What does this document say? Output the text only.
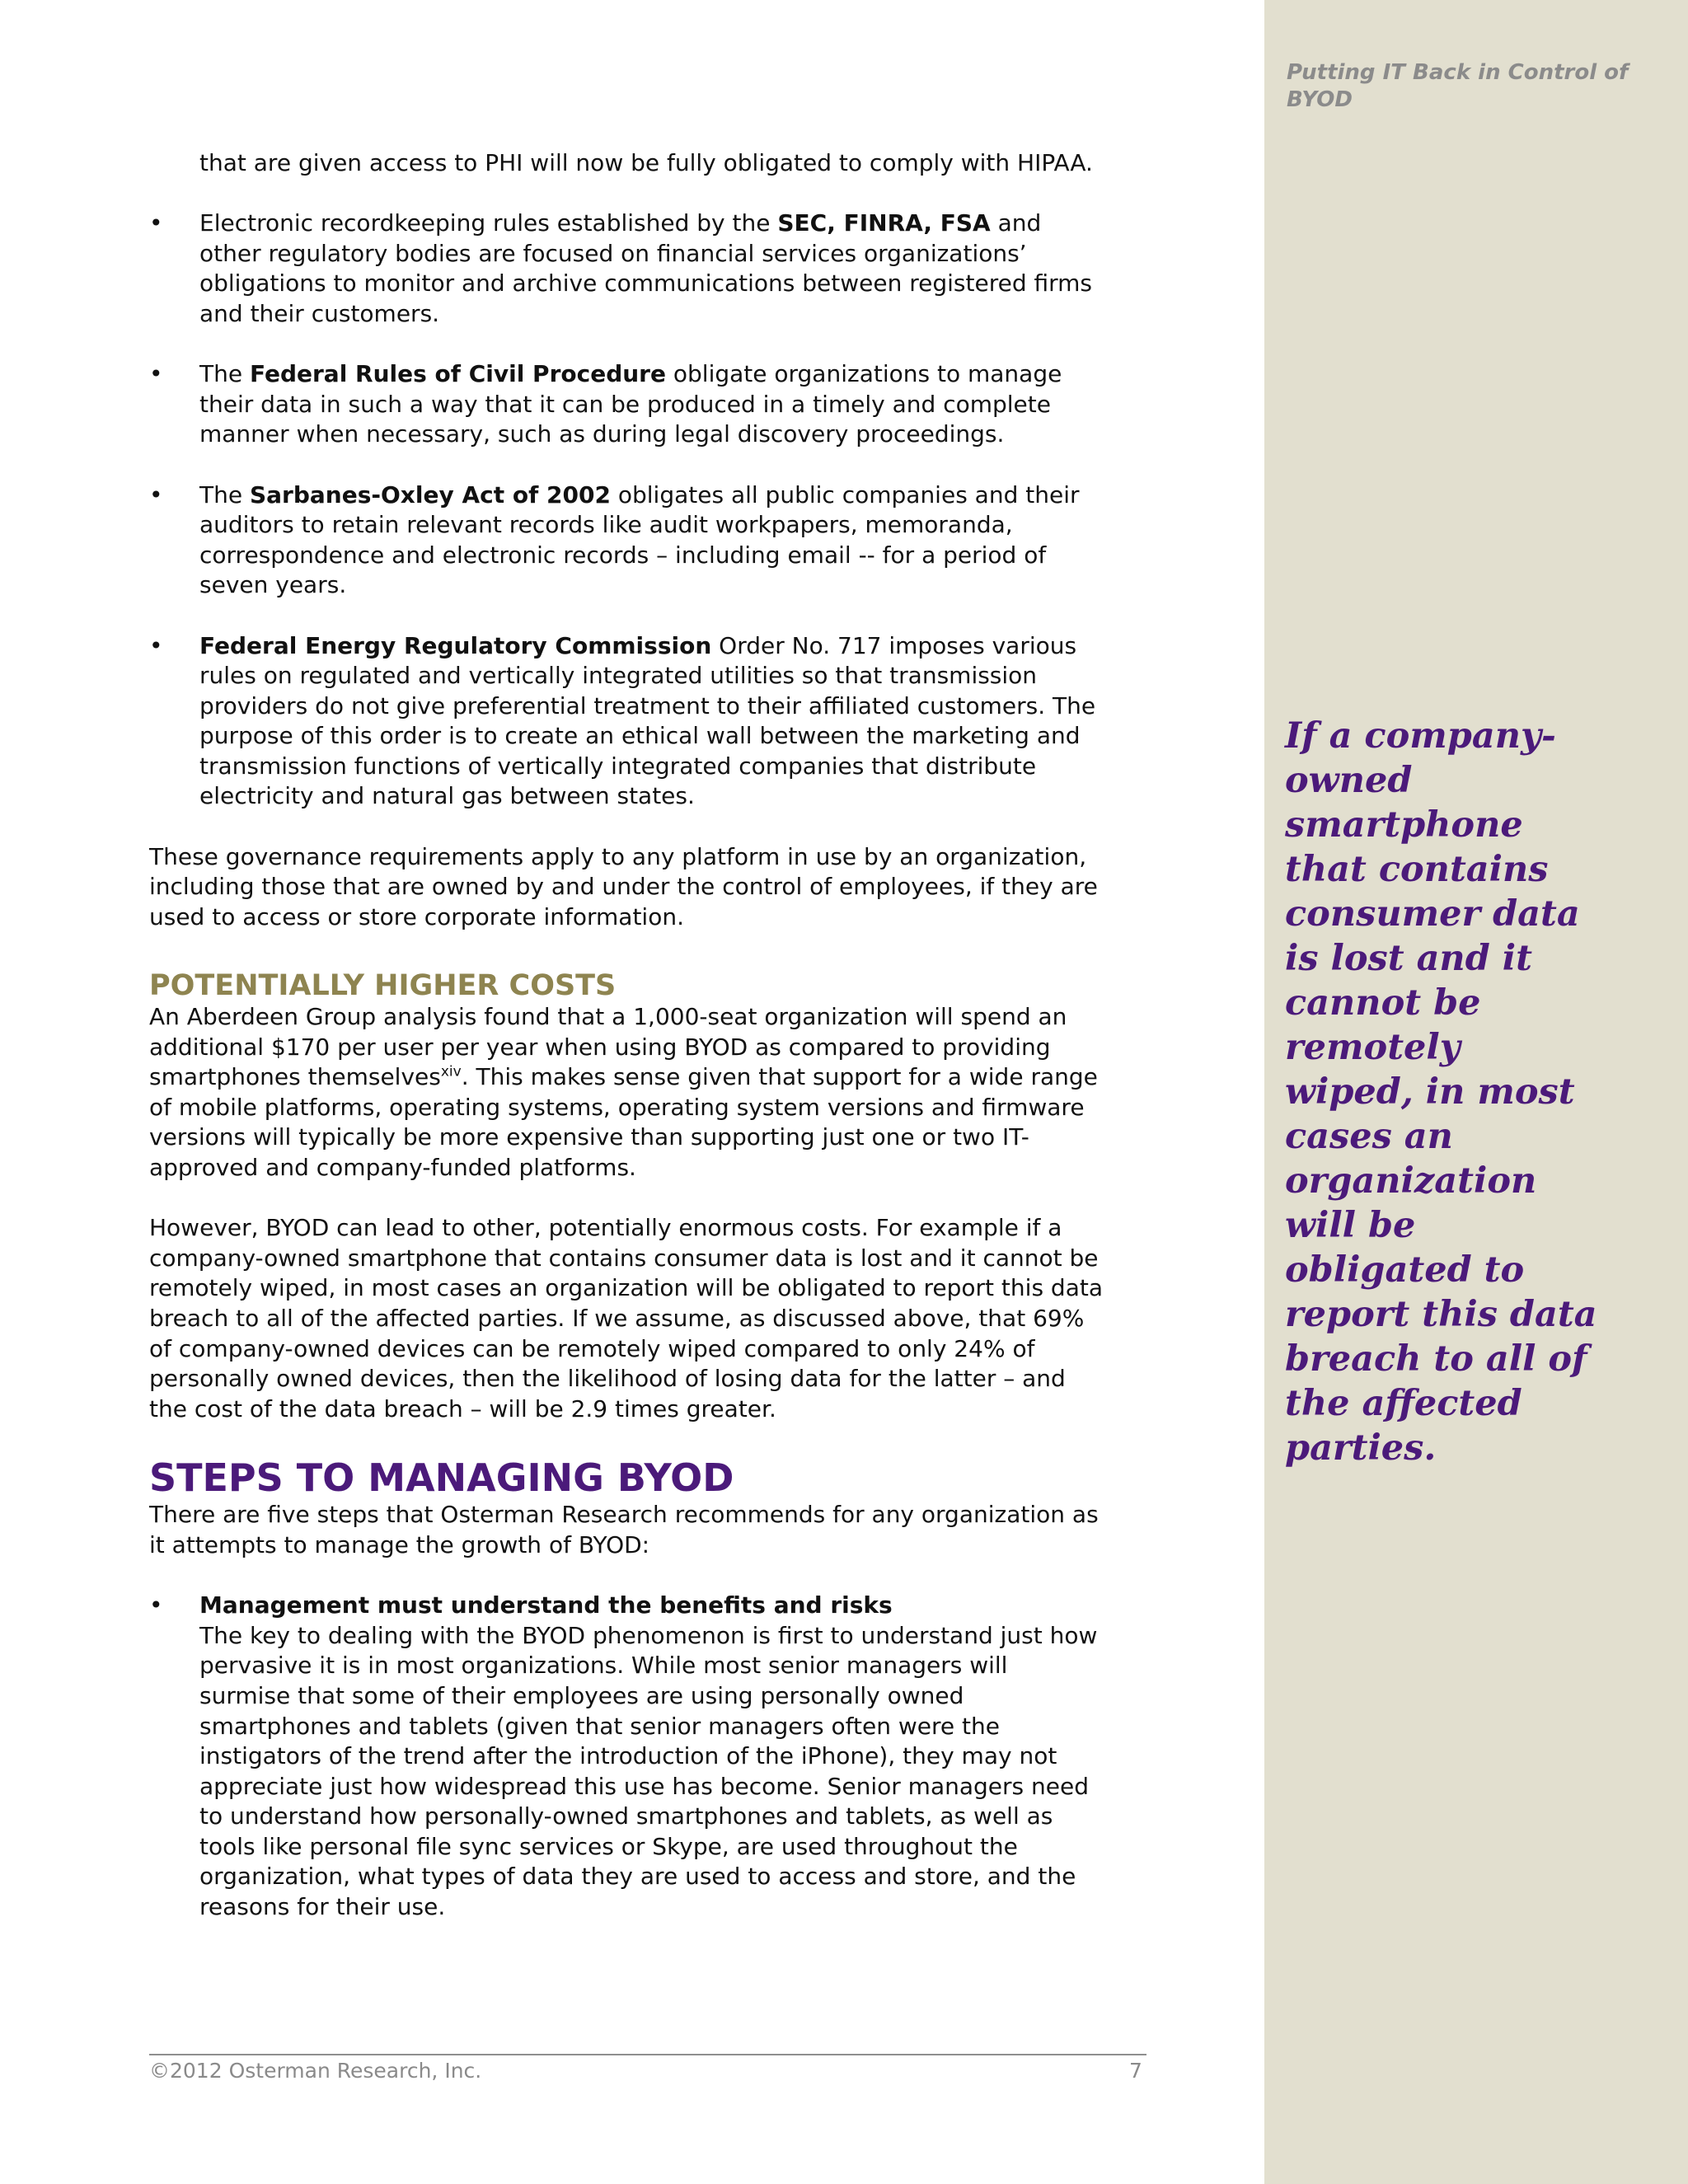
Putting IT Back in Control of BYOD
If a company-owned smartphone that contains consumer data is lost and it cannot be remotely wiped, in most cases an organization will be obligated to report this data breach to all of the affected parties.

that are given access to PHI will now be fully obligated to comply with HIPAA.

• Electronic recordkeeping rules established by the SEC, FINRA, FSA and other regulatory bodies are focused on financial services organizations’ obligations to monitor and archive communications between registered firms and their customers.
• The Federal Rules of Civil Procedure obligate organizations to manage their data in such a way that it can be produced in a timely and complete manner when necessary, such as during legal discovery proceedings.
• The Sarbanes-Oxley Act of 2002 obligates all public companies and their auditors to retain relevant records like audit workpapers, memoranda, correspondence and electronic records – including email -- for a period of seven years.
• Federal Energy Regulatory Commission Order No. 717 imposes various rules on regulated and vertically integrated utilities so that transmission providers do not give preferential treatment to their affiliated customers. The purpose of this order is to create an ethical wall between the marketing and transmission functions of vertically integrated companies that distribute electricity and natural gas between states.

These governance requirements apply to any platform in use by an organization, including those that are owned by and under the control of employees, if they are used to access or store corporate information.

POTENTIALLY HIGHER COSTS

An Aberdeen Group analysis found that a 1,000-seat organization will spend an additional $170 per user per year when using BYOD as compared to providing smartphones themselves$^{xiv}$. This makes sense given that support for a wide range of mobile platforms, operating systems, operating system versions and firmware versions will typically be more expensive than supporting just one or two IT-approved and company-funded platforms.

However, BYOD can lead to other, potentially enormous costs. For example if a company-owned smartphone that contains consumer data is lost and it cannot be remotely wiped, in most cases an organization will be obligated to report this data breach to all of the affected parties. If we assume, as discussed above, that 69% of company-owned devices can be remotely wiped compared to only 24% of personally owned devices, then the likelihood of losing data for the latter – and the cost of the data breach – will be 2.9 times greater.

STEPS TO MANAGING BYOD

There are five steps that Osterman Research recommends for any organization as it attempts to manage the growth of BYOD:

• Management must understand the benefits and risks
The key to dealing with the BYOD phenomenon is first to understand just how pervasive it is in most organizations. While most senior managers will surmise that some of their employees are using personally owned smartphones and tablets (given that senior managers often were the instigators of the trend after the introduction of the iPhone), they may not appreciate just how widespread this use has become. Senior managers need to understand how personally-owned smartphones and tablets, as well as tools like personal file sync services or Skype, are used throughout the organization, what types of data they are used to access and store, and the reasons for their use.
©2012 Osterman Research, Inc.	7
